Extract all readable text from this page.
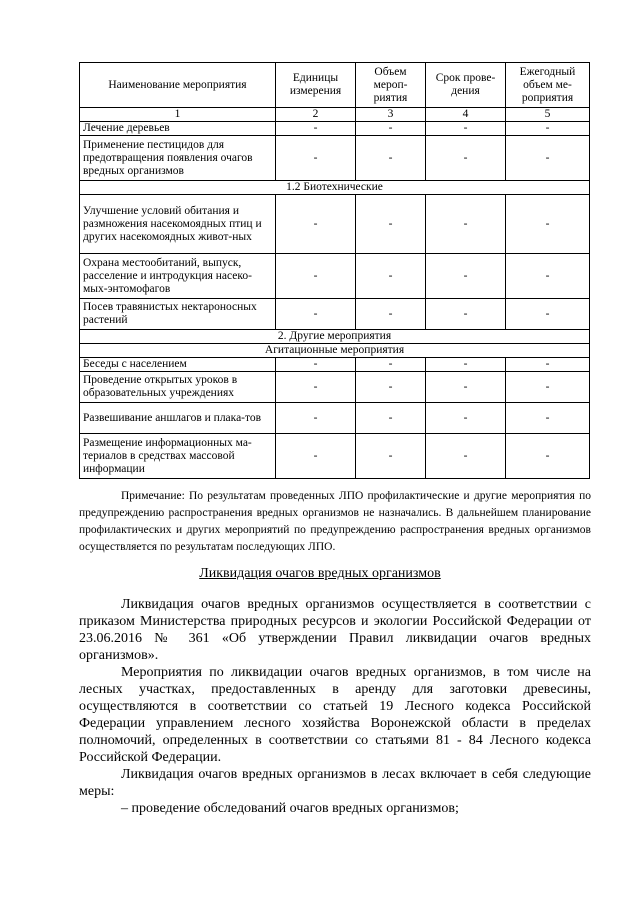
Наименование мероприятия	Единицы измерения	Объем мероп-риятия	Срок прове-дения	Ежегодный объем ме-роприятия
1	2	3	4	5
Лечение деревьев	-	-	-	-
Применение пестицидов для предотвращения появления очагов вредных организмов	-	-	-	-
1.2 Биотехнические				
Улучшение условий обитания и размножения насекомоядных птиц и других насекомоядных живот-ных	-	-	-	-
Охрана местообитаний, выпуск, расселение и интродукция насеко-мых-энтомофагов	-	-	-	-
Посев травянистых нектароносных растений	-	-	-	-
2. Другие мероприятия				
Агитационные мероприятия				
Беседы с населением	-	-	-	-
Проведение открытых уроков в образовательных учреждениях	-	-	-	-
Развешивание аншлагов и плака-тов	-	-	-	-
Размещение информационных ма-териалов в средствах массовой информации	-	-	-	-
Примечание: По результатам проведенных ЛПО профилактические и другие мероприятия по предупреждению распространения вредных организмов не назначались. В дальнейшем планирование профилактических и других мероприятий по предупреждению распространения вредных организмов осуществляется по результатам последующих ЛПО.
Ликвидация очагов вредных организмов

Ликвидация очагов вредных организмов осуществляется в соответствии с приказом Министерства природных ресурсов и экологии Российской Федерации от 23.06.2016 № 361 «Об утверждении Правил ликвидации очагов вредных организмов».

Мероприятия по ликвидации очагов вредных организмов, в том числе на лесных участках, предоставленных в аренду для заготовки древесины, осуществляются в соответствии со статьей 19 Лесного кодекса Российской Федерации управлением лесного хозяйства Воронежской области в пределах полномочий, определенных в соответствии со статьями 81 - 84 Лесного кодекса Российской Федерации.

Ликвидация очагов вредных организмов в лесах включает в себя следующие меры:

– проведение обследований очагов вредных организмов;
